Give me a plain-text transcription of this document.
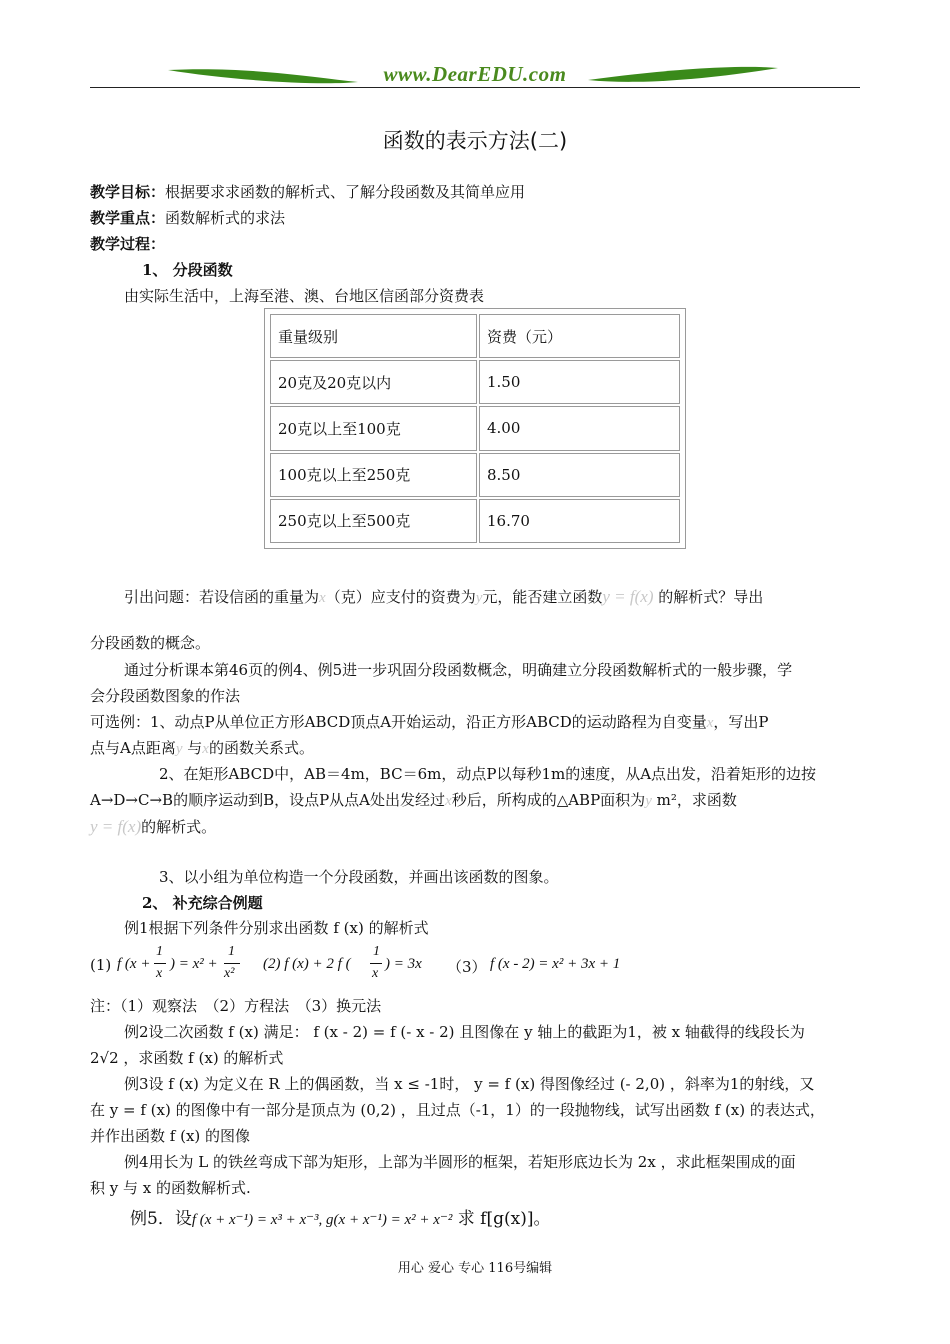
www.DearEDU.com
函数的表示方法(二)
教学目标：根据要求求函数的解析式、了解分段函数及其简单应用
教学重点：函数解析式的求法
教学过程：
1、 分段函数
由实际生活中，上海至港、澳、台地区信函部分资费表
重量级别	资费（元）
20克及20克以内	1.50
20克以上至100克	4.00
100克以上至250克	8.50
250克以上至500克	16.70
引出问题：若设信函的重量为x（克）应支付的资费为y元，能否建立函数y = f(x) 的解析式？导出
分段函数的概念。
通过分析课本第46页的例4、例5进一步巩固分段函数概念，明确建立分段函数解析式的一般步骤，学
会分段函数图象的作法
可选例：1、动点P从单位正方形ABCD顶点A开始运动，沿正方形ABCD的运动路程为自变量x，写出P
点与A点距离y 与x的函数关系式。
2、在矩形ABCD中，AB＝4m，BC＝6m，动点P以每秒1m的速度，从A点出发，沿着矩形的边按
A→D→C→B的顺序运动到B，设点P从点A处出发经过x秒后，所构成的△ABP面积为y m²，求函数
y = f(x)的解析式。
3、以小组为单位构造一个分段函数，并画出该函数的图象。
2、 补充综合例题
例1根据下列条件分别求出函数 f (x) 的解析式
(1) f (x +
1
x
) = x² +
1
x²
(2) f (x) + 2 f (
1
x
) = 3x （3） f (x - 2) = x² + 3x + 1
注：（1）观察法　（2）方程法　（3）换元法
例2设二次函数 f (x) 满足： f (x - 2) = f (- x - 2) 且图像在 y 轴上的截距为1，被 x 轴截得的线段长为
2√2 ，求函数 f (x) 的解析式
例3设 f (x) 为定义在 R 上的偶函数，当 x ≤ -1时， y = f (x) 得图像经过 (- 2,0) ，斜率为1的射线，又
在 y = f (x) 的图像中有一部分是顶点为 (0,2) ，且过点（-1，1）的一段抛物线，试写出函数 f (x) 的表达式，
并作出函数 f (x) 的图像
例4用长为 L 的铁丝弯成下部为矩形，上部为半圆形的框架，若矩形底边长为 2x ，求此框架围成的面
积 y 与 x 的函数解析式.
例5．设f (x + x⁻¹) = x³ + x⁻³, g(x + x⁻¹) = x² + x⁻² 求 f[g(x)]。
用心 爱心 专心 116号编辑
